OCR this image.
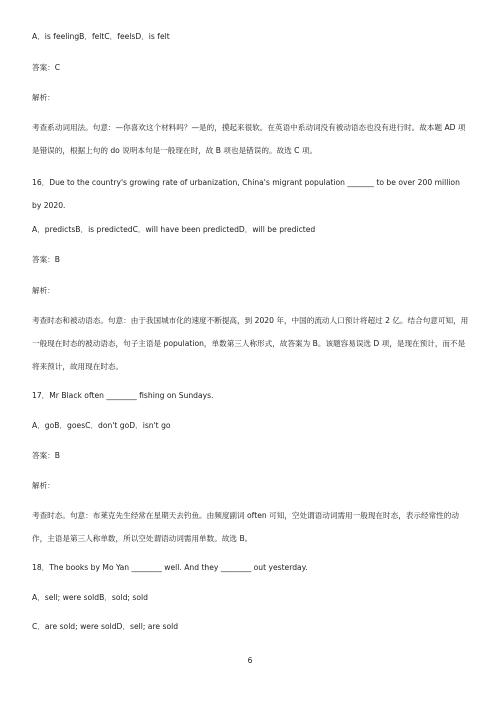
A．is feelingB．feltC．feelsD．is felt
答案：C
解析：
考查系动词用法。句意：—你喜欢这个材料吗？—是的，摸起来很软。在英语中系动词没有被动语态也没有进行时。故本题 AD 项是错误的，根据上句的 do 说明本句是一般现在时，故 B 项也是错误的。故选 C 项。
16．Due to the country's growing rate of urbanization, China's migrant population _______ to be over 200 million by 2020.
A．predictsB．is predictedC．will have been predictedD．will be predicted
答案：B
解析：
考查时态和被动语态。句意：由于我国城市化的速度不断提高，到 2020 年，中国的流动人口预计将超过 2 亿。结合句意可知，用一般现在时态的被动语态，句子主语是 population，单数第三人称形式，故答案为 B。该题容易误选 D 项，是现在预计，而不是将来预计，故用现在时态。
17．Mr Black often ________ fishing on Sundays.
A．goB．goesC．don't goD．isn't go
答案：B
解析：
考查时态。句意：布莱克先生经常在星期天去钓鱼。由频度副词 often 可知，空处谓语动词需用一般现在时态，表示经常性的动作，主语是第三人称单数，所以空处谓语动词需用单数。故选 B。
18．The books by Mo Yan ________ well. And they ________ out yesterday.
A．sell; were soldB．sold; sold
C．are sold; were soldD．sell; are sold
6
